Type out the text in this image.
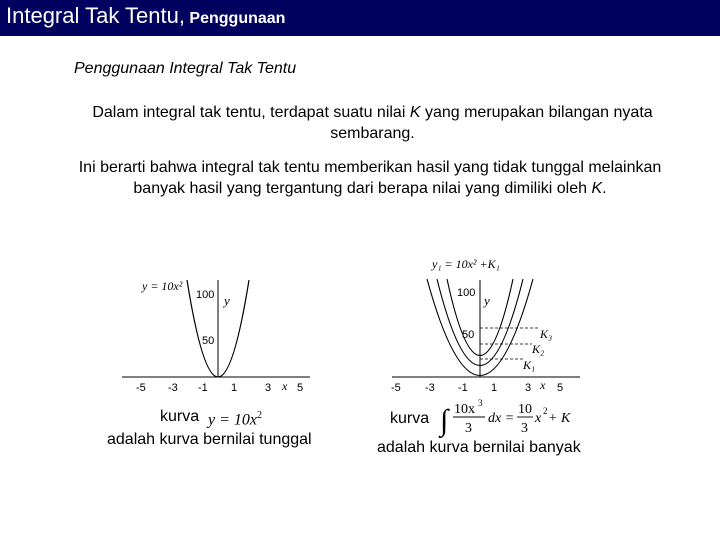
Integral Tak Tentu, Penggunaan
Penggunaan Integral Tak Tentu
Dalam integral tak tentu, terdapat suatu nilai K yang merupakan bilangan nyata sembarang.
Ini berarti bahwa integral tak tentu memberikan hasil yang tidak tunggal melainkan banyak hasil yang tergantung dari berapa nilai yang dimiliki oleh K.
y = 10x²
y
x
100
50
-5 -3 -1 1	3 5
kurva $y = 10x^2$
adalah kurva bernilai tunggal
y₁ = 10x² +K₁
y
x
K₃
K₂
K₁
100
50
-5 -3 -1 1	3 5
kurva ∫ 10x 3
3
dx =
10
3
x 2 + K
adalah kurva bernilai banyak
